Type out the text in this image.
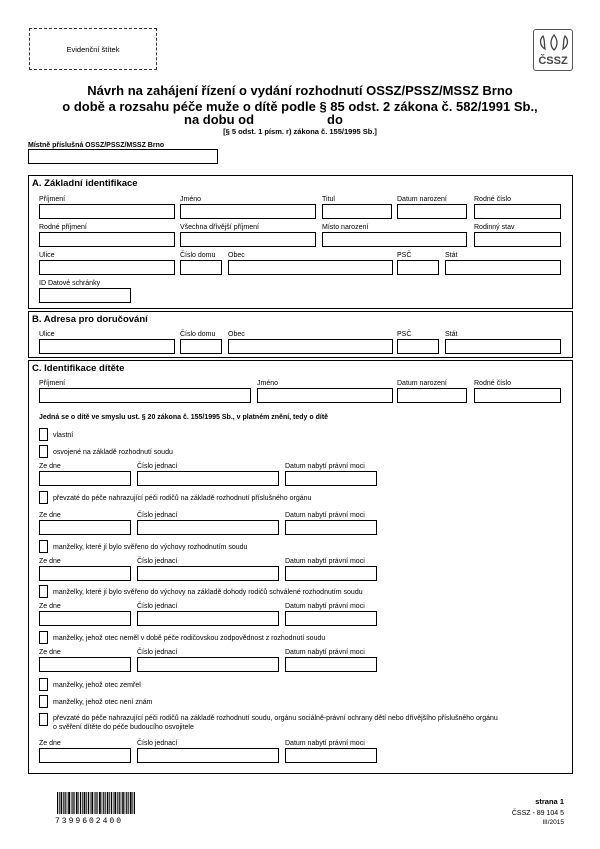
Evidenční štítek
ČSSZ
Návrh na zahájení řízení o vydání rozhodnutí OSSZ/PSSZ/MSSZ Brno
o době a rozsahu péče muže o dítě podle § 85 odst. 2 zákona č. 582/1991 Sb.,
na dobu od	do
[§ 5 odst. 1 písm. r) zákona č. 155/1995 Sb.]
Místně příslušná OSSZ/PSSZ/MSSZ Brno
A. Základní identifikace
Příjmení	Jméno	Titul	Datum narození	Rodné číslo
Rodné příjmení	Všechna dřívější příjmení	Místo narození	Rodinný stav
Ulice	Číslo domu Obec	PSČ	Stát
ID Datové schránky
B. Adresa pro doručování
Ulice	Číslo domu Obec	PSČ	Stát
C. Identifikace dítěte
Příjmení	Jméno	Datum narození	Rodné číslo
Jedná se o dítě ve smyslu ust. § 20 zákona č. 155/1995 Sb., v platném znění, tedy o dítě
vlastní
osvojené na základě rozhodnutí soudu
Ze dne	Číslo jednací	Datum nabytí právní moci
převzaté do péče nahrazující péči rodičů na základě rozhodnutí příslušného orgánu
Ze dne	Číslo jednací	Datum nabytí právní moci
manželky, které jí bylo svěřeno do výchovy rozhodnutím soudu
Ze dne	Číslo jednací	Datum nabytí právní moci
manželky, které jí bylo svěřeno do výchovy na základě dohody rodičů schválené rozhodnutím soudu
Ze dne	Číslo jednací	Datum nabytí právní moci
manželky, jehož otec neměl v době péče rodičovskou zodpovědnost z rozhodnutí soudu
Ze dne	Číslo jednací	Datum nabytí právní moci
manželky, jehož otec zemřel
manželky, jehož otec není znám
převzaté do péče nahrazující péči rodičů na základě rozhodnutí soudu, orgánu sociálně-právní ochrany dětí nebo dřívějšího příslušného orgánu
o svěření dítěte do péče budoucího osvojitele
Ze dne	Číslo jednací	Datum nabytí právní moci
7399602400
strana 1
ČSSZ - 89 104 5
III/2015
